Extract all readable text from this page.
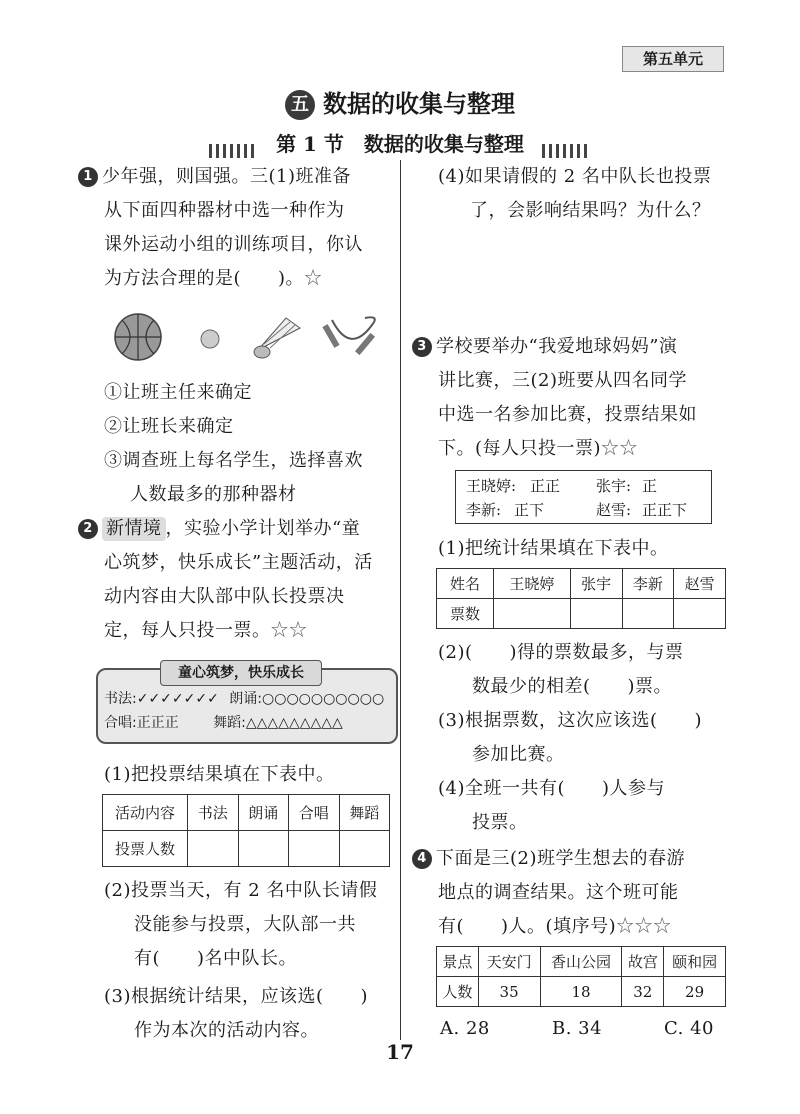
第五单元
五 数据的收集与整理
第 1 节　数据的收集与整理
1 少年强，则国强。三(1)班准备
从下面四种器材中选一种作为
课外运动小组的训练项目，你认
为方法合理的是(　　)。☆
①让班主任来确定
②让班长来确定
③调查班上每名学生，选择喜欢
人数最多的那种器材
2 新情境 ，实验小学计划举办“童
心筑梦，快乐成长”主题活动，活
动内容由大队部中队长投票决
定，每人只投一票。☆☆
书法:✓✓✓✓✓✓✓ 朗诵:○○○○○○○○○○
合唱:正正正 舞蹈:△△△△△△△△△
童心筑梦，快乐成长
(1)把投票结果填在下表中。
活动内容	书法	朗诵	合唱	舞蹈
投票人数				
(2)投票当天，有 2 名中队长请假
没能参与投票，大队部一共
有(　　)名中队长。
(3)根据统计结果，应该选(　　)
作为本次的活动内容。
(4)如果请假的 2 名中队长也投票
了，会影响结果吗？为什么？
3 学校要举办“我爱地球妈妈”演
讲比赛，三(2)班要从四名同学
中选一名参加比赛，投票结果如
下。(每人只投一票)☆☆
王晓婷: 正正 张宇: 正
李新: 正下	赵雪: 正正下
(1)把统计结果填在下表中。
姓名	王晓婷	张宇	李新	赵雪
票数				
(2)(　　)得的票数最多，与票
数最少的相差(　　)票。
(3)根据票数，这次应该选(　　)
参加比赛。
(4)全班一共有(　　)人参与
投票。
4 下面是三(2)班学生想去的春游
地点的调查结果。这个班可能
有(　　)人。(填序号)☆☆☆
景点	天安门	香山公园	故宫	颐和园
人数	35	18	32	29
A. 28	B. 34	C. 40
17
